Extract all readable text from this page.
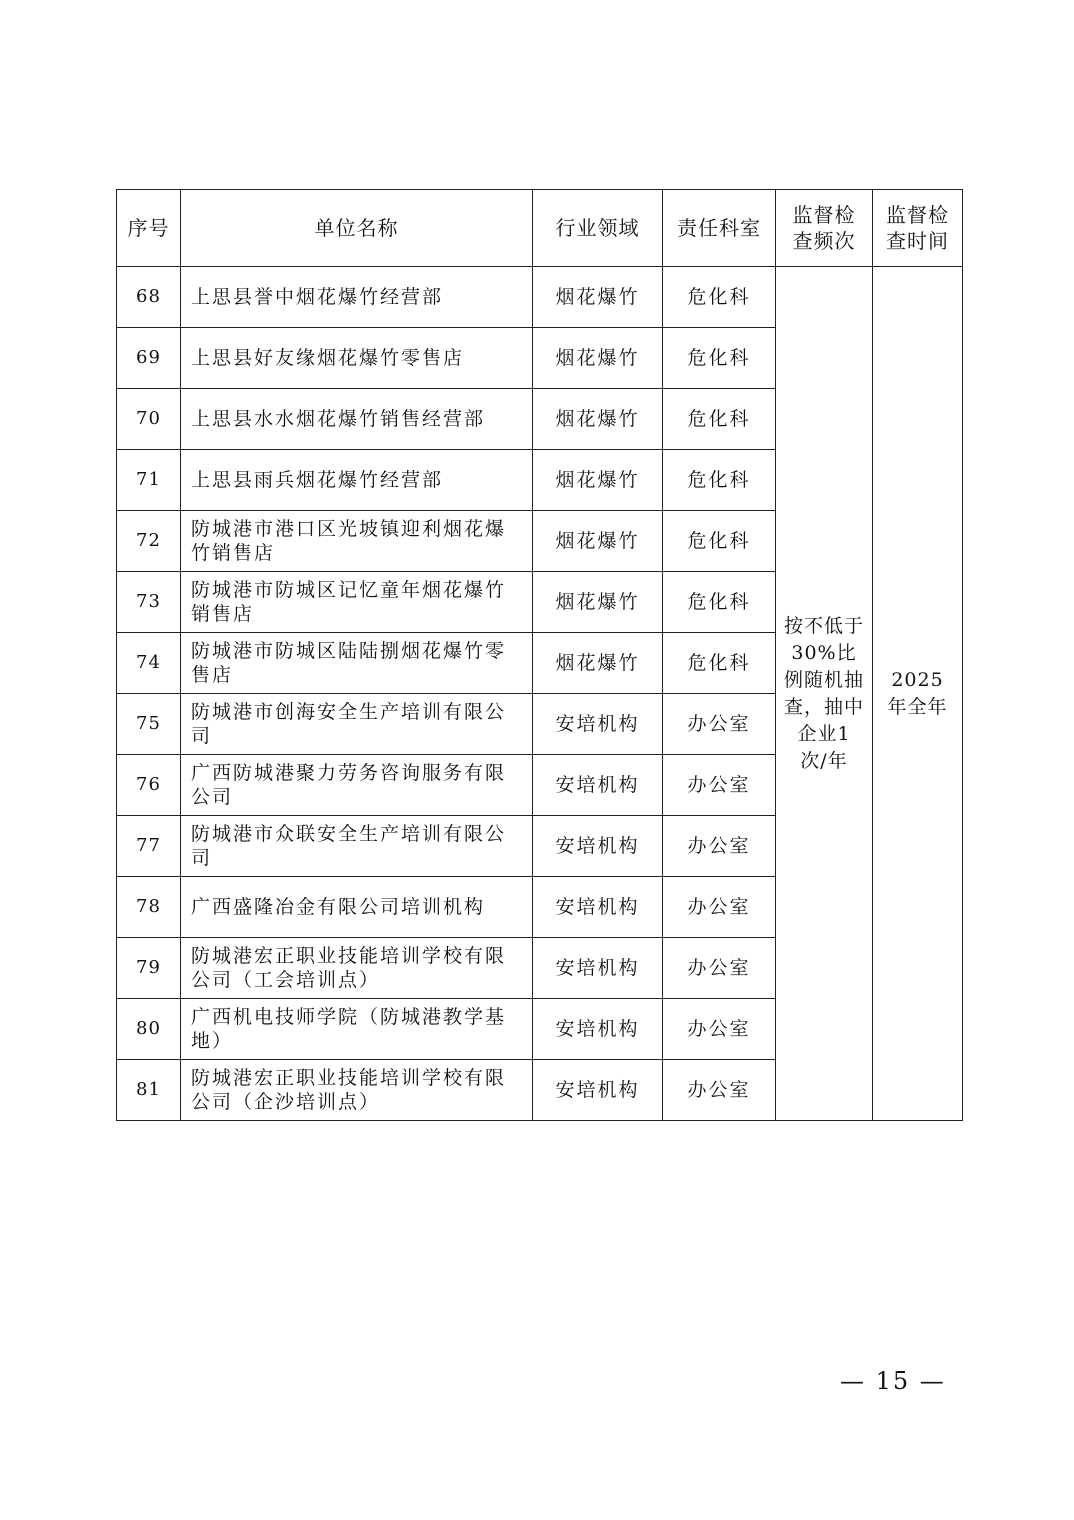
序号	单位名称	行业领域	责任科室	监督检查频次	监督检查时间

68	上思县誉中烟花爆竹经营部	烟花爆竹	危化科	按不低于30%比例随机抽查，抽中企业1次/年	2025年全年

69	上思县好友缘烟花爆竹零售店	烟花爆竹	危化科		
70	上思县水水烟花爆竹销售经营部	烟花爆竹	危化科		
71	上思县雨兵烟花爆竹经营部	烟花爆竹	危化科		
72	防城港市港口区光坡镇迎利烟花爆竹销售店	烟花爆竹	危化科		
73	防城港市防城区记忆童年烟花爆竹销售店	烟花爆竹	危化科		
74	防城港市防城区陆陆捌烟花爆竹零售店	烟花爆竹	危化科		
75	防城港市创海安全生产培训有限公司	安培机构	办公室		
76	广西防城港聚力劳务咨询服务有限公司	安培机构	办公室		
77	防城港市众联安全生产培训有限公司	安培机构	办公室		
78	广西盛隆冶金有限公司培训机构	安培机构	办公室		
79	防城港宏正职业技能培训学校有限公司（工会培训点）	安培机构	办公室		
80	广西机电技师学院（防城港教学基地）	安培机构	办公室		
81	防城港宏正职业技能培训学校有限公司（企沙培训点）	安培机构	办公室		
— 15 —
